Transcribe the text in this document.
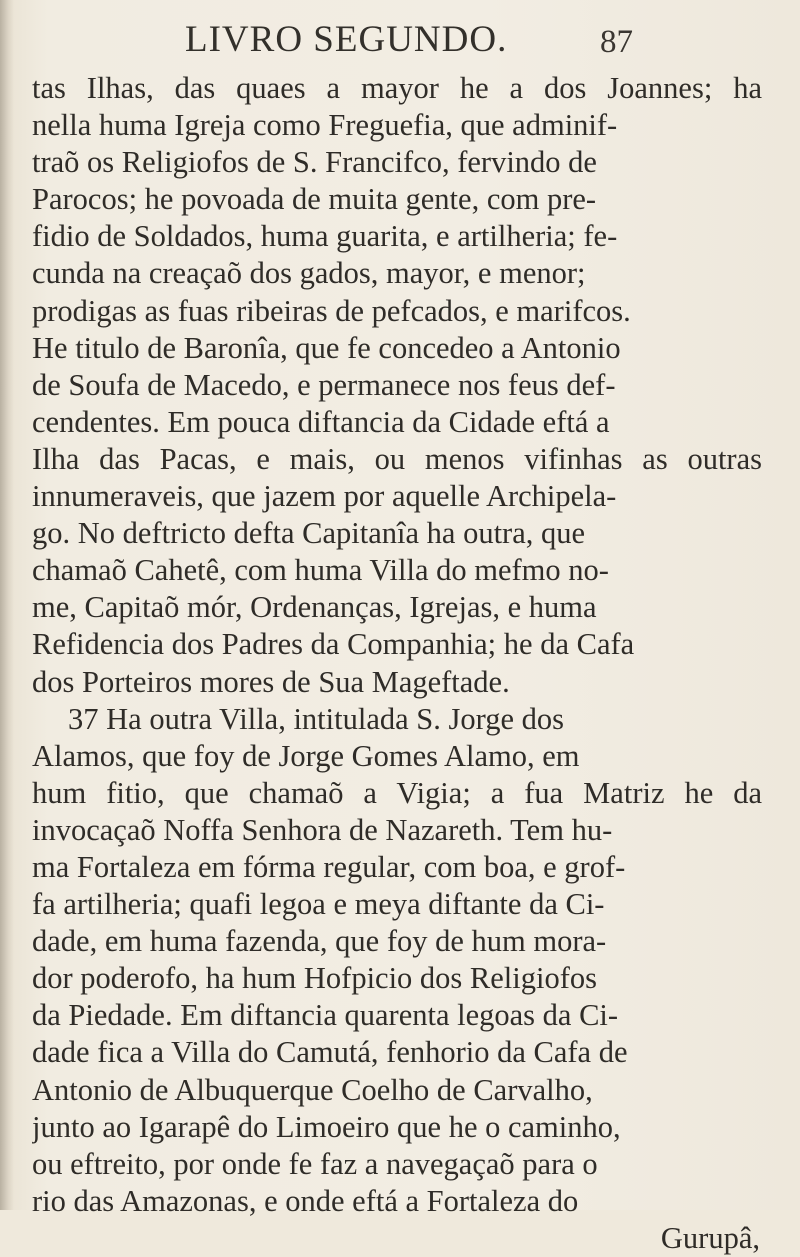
LIVRO SEGUNDO.	87
tas Ilhas, das quaes a mayor he a dos Joannes; ha
nella huma Igreja como Freguefia, que adminif-
traõ os Religiofos de S. Francifco, fervindo de
Parocos; he povoada de muita gente, com pre-
fidio de Soldados, huma guarita, e artilheria; fe-
cunda na creaçaõ dos gados, mayor, e menor;
prodigas as fuas ribeiras de pefcados, e marifcos.
He titulo de Baronîa, que fe concedeo a Antonio
de Soufa de Macedo, e permanece nos feus def-
cendentes. Em pouca diftancia da Cidade eftá a
Ilha das Pacas, e mais, ou menos vifinhas as outras
innumeraveis, que jazem por aquelle Archipela-
go. No deftricto defta Capitanîa ha outra, que
chamaõ Cahetê, com huma Villa do mefmo no-
me, Capitaõ mór, Ordenanças, Igrejas, e huma
Refidencia dos Padres da Companhia; he da Cafa
dos Porteiros mores de Sua Mageftade.
37 Ha outra Villa, intitulada S. Jorge dos
Alamos, que foy de Jorge Gomes Alamo, em
hum fitio, que chamaõ a Vigia; a fua Matriz he da
invocaçaõ Noffa Senhora de Nazareth. Tem hu-
ma Fortaleza em fórma regular, com boa, e grof-
fa artilheria; quafi legoa e meya diftante da Ci-
dade, em huma fazenda, que foy de hum mora-
dor poderofo, ha hum Hofpicio dos Religiofos
da Piedade. Em diftancia quarenta legoas da Ci-
dade fica a Villa do Camutá, fenhorio da Cafa de
Antonio de Albuquerque Coelho de Carvalho,
junto ao Igarapê do Limoeiro que he o caminho,
ou eftreito, por onde fe faz a navegaçaõ para o
rio das Amazonas, e onde eftá a Fortaleza do
Gurupâ,
